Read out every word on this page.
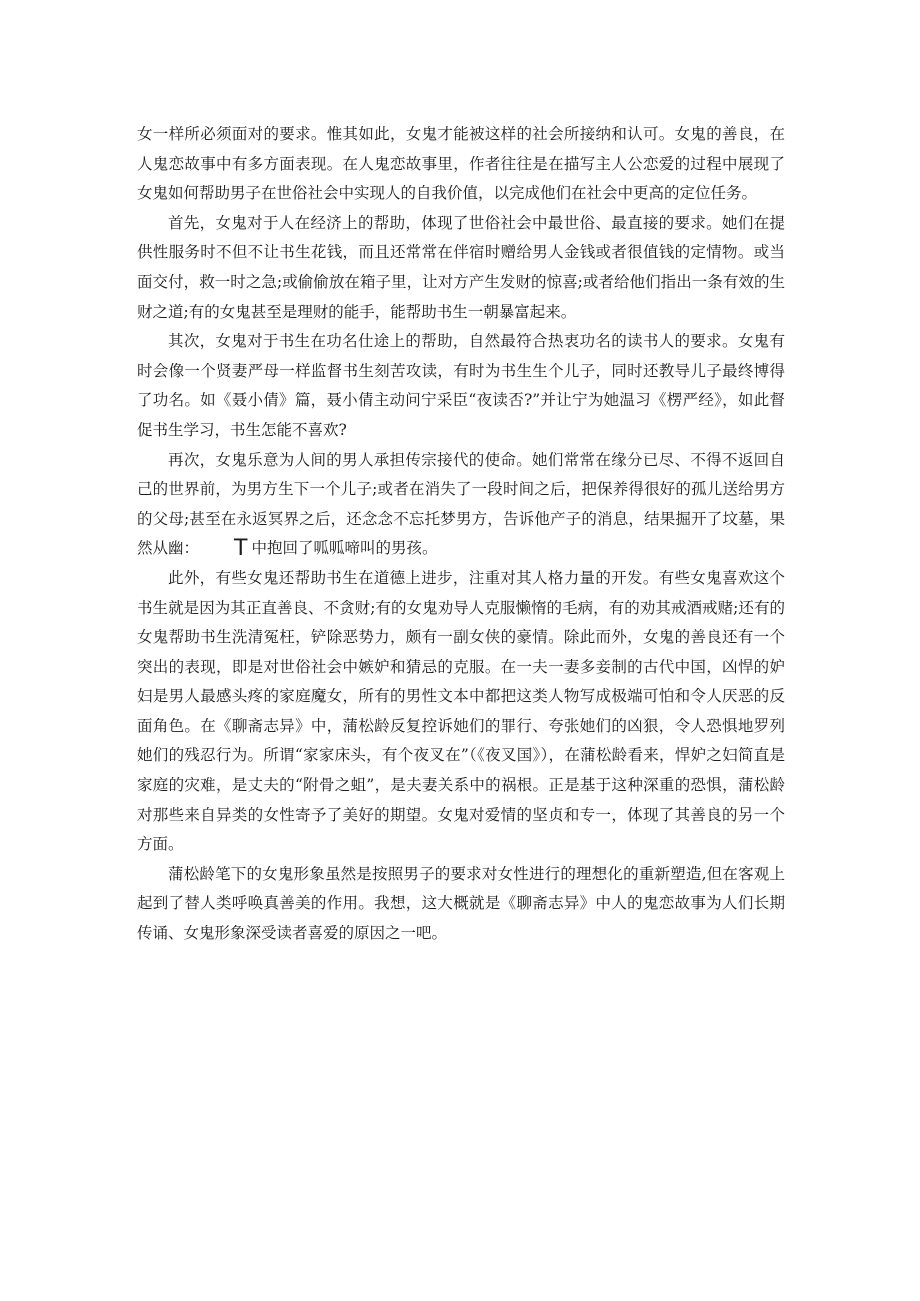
女一样所必须面对的要求。惟其如此，女鬼才能被这样的社会所接纳和认可。女鬼的善良，在人鬼恋故事中有多方面表现。在人鬼恋故事里，作者往往是在描写主人公恋爱的过程中展现了女鬼如何帮助男子在世俗社会中实现人的自我价值，以完成他们在社会中更高的定位任务。

首先，女鬼对于人在经济上的帮助，体现了世俗社会中最世俗、最直接的要求。她们在提供性服务时不但不让书生花钱，而且还常常在伴宿时赠给男人金钱或者很值钱的定情物。或当面交付，救一时之急;或偷偷放在箱子里，让对方产生发财的惊喜;或者给他们指出一条有效的生财之道;有的女鬼甚至是理财的能手，能帮助书生一朝暴富起来。

其次，女鬼对于书生在功名仕途上的帮助，自然最符合热衷功名的读书人的要求。女鬼有时会像一个贤妻严母一样监督书生刻苦攻读，有时为书生生个儿子，同时还教导儿子最终博得了功名。如《聂小倩》篇，聂小倩主动问宁采臣“夜读否?”并让宁为她温习《楞严经》，如此督促书生学习，书生怎能不喜欢?

再次，女鬼乐意为人间的男人承担传宗接代的使命。她们常常在缘分已尽、不得不返回自己的世界前，为男方生下一个儿子;或者在消失了一段时间之后，把保养得很好的孤儿送给男方的父母;甚至在永返冥界之后，还念念不忘托梦男方，告诉他产子的消息，结果掘开了坟墓，果然从幽： T 中抱回了呱呱啼叫的男孩。

此外，有些女鬼还帮助书生在道德上进步，注重对其人格力量的开发。有些女鬼喜欢这个书生就是因为其正直善良、不贪财;有的女鬼劝导人克服懒惰的毛病，有的劝其戒酒戒赌;还有的女鬼帮助书生洗清冤枉，铲除恶势力，颇有一副女侠的豪情。除此而外，女鬼的善良还有一个突出的表现，即是对世俗社会中嫉妒和猜忌的克服。在一夫一妻多妾制的古代中国，凶悍的妒妇是男人最感头疼的家庭魔女，所有的男性文本中都把这类人物写成极端可怕和令人厌恶的反面角色。在《聊斋志异》中，蒲松龄反复控诉她们的罪行、夸张她们的凶狠，令人恐惧地罗列她们的残忍行为。所谓“家家床头，有个夜叉在”（《夜叉国》），在蒲松龄看来，悍妒之妇简直是家庭的灾难，是丈夫的“附骨之蛆”，是夫妻关系中的祸根。正是基于这种深重的恐惧，蒲松龄对那些来自异类的女性寄予了美好的期望。女鬼对爱情的坚贞和专一，体现了其善良的另一个方面。

蒲松龄笔下的女鬼形象虽然是按照男子的要求对女性进行的理想化的重新塑造,但在客观上起到了替人类呼唤真善美的作用。我想，这大概就是《聊斋志异》中人的鬼恋故事为人们长期传诵、女鬼形象深受读者喜爱的原因之一吧。
